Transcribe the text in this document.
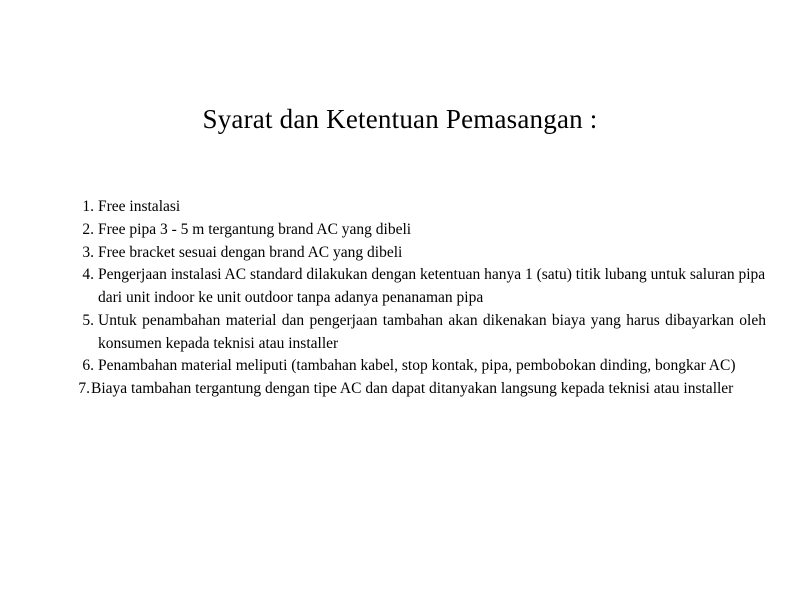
Syarat dan Ketentuan Pemasangan :
1. Free instalasi
2. Free pipa 3 - 5 m tergantung brand AC yang dibeli
3. Free bracket sesuai dengan brand AC yang dibeli
4. Pengerjaan instalasi AC standard dilakukan dengan ketentuan hanya 1 (satu) titik lubang untuk saluran pipa dari unit indoor ke unit outdoor tanpa adanya penanaman pipa
5. Untuk penambahan material dan pengerjaan tambahan akan dikenakan biaya yang harus dibayarkan oleh konsumen kepada teknisi atau installer
6. Penambahan material meliputi (tambahan kabel, stop kontak, pipa, pembobokan dinding, bongkar AC)
7. Biaya tambahan tergantung dengan tipe AC dan dapat ditanyakan langsung kepada teknisi atau installer
